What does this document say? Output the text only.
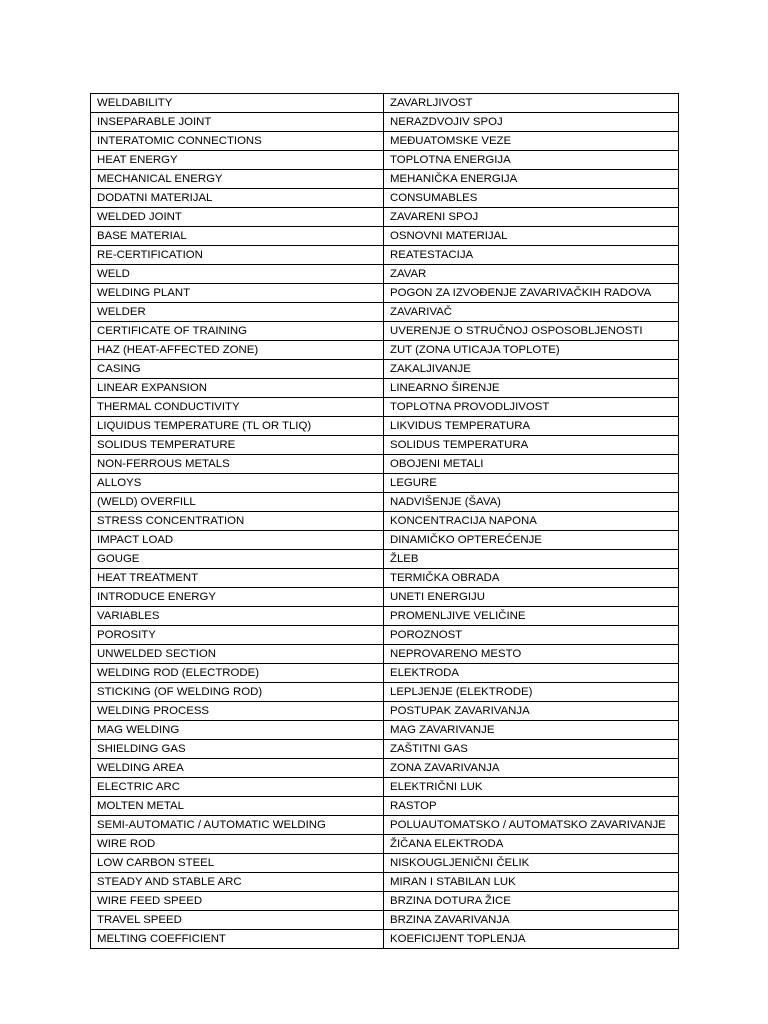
WELDABILITY	ZAVARLJIVOST
INSEPARABLE JOINT	NERAZDVOJIV SPOJ
INTERATOMIC CONNECTIONS	MEĐUATOMSKE VEZE
HEAT ENERGY	TOPLOTNA ENERGIJA
MECHANICAL ENERGY	MEHANIČKA ENERGIJA
DODATNI MATERIJAL	CONSUMABLES
WELDED JOINT	ZAVARENI SPOJ
BASE MATERIAL	OSNOVNI MATERIJAL
RE-CERTIFICATION	REATESTACIJA
WELD	ZAVAR
WELDING PLANT	POGON ZA IZVOĐENJE ZAVARIVAČKIH RADOVA
WELDER	ZAVARIVAČ
CERTIFICATE OF TRAINING	UVERENJE O STRUČNOJ OSPOSOBLJENOSTI
HAZ (HEAT-AFFECTED ZONE)	ZUT (ZONA UTICAJA TOPLOTE)
CASING	ZAKALJIVANJE
LINEAR EXPANSION	LINEARNO ŠIRENJE
THERMAL CONDUCTIVITY	TOPLOTNA PROVODLJIVOST
LIQUIDUS TEMPERATURE (TL OR TLIQ)	LIKVIDUS TEMPERATURA
SOLIDUS TEMPERATURE	SOLIDUS TEMPERATURA
NON-FERROUS METALS	OBOJENI METALI
ALLOYS	LEGURE
(WELD) OVERFILL	NADVIŠENJE (ŠAVA)
STRESS CONCENTRATION	KONCENTRACIJA NAPONA
IMPACT LOAD	DINAMIČKO OPTEREĆENJE
GOUGE	ŽLEB
HEAT TREATMENT	TERMIČKA OBRADA
INTRODUCE ENERGY	UNETI ENERGIJU
VARIABLES	PROMENLJIVE VELIČINE
POROSITY	POROZNOST
UNWELDED SECTION	NEPROVARENO MESTO
WELDING ROD (ELECTRODE)	ELEKTRODA
STICKING (OF WELDING ROD)	LEPLJENJE (ELEKTRODE)
WELDING PROCESS	POSTUPAK ZAVARIVANJA
MAG WELDING	MAG ZAVARIVANJE
SHIELDING GAS	ZAŠTITNI GAS
WELDING AREA	ZONA ZAVARIVANJA
ELECTRIC ARC	ELEKTRIČNI LUK
MOLTEN METAL	RASTOP
SEMI-AUTOMATIC / AUTOMATIC WELDING	POLUAUTOMATSKO / AUTOMATSKO ZAVARIVANJE
WIRE ROD	ŽIČANA ELEKTRODA
LOW CARBON STEEL	NISKOUGLJENIČNI ČELIK
STEADY AND STABLE ARC	MIRAN I STABILAN LUK
WIRE FEED SPEED	BRZINA DOTURA ŽICE
TRAVEL SPEED	BRZINA ZAVARIVANJA
MELTING COEFFICIENT	KOEFICIJENT TOPLENJA
